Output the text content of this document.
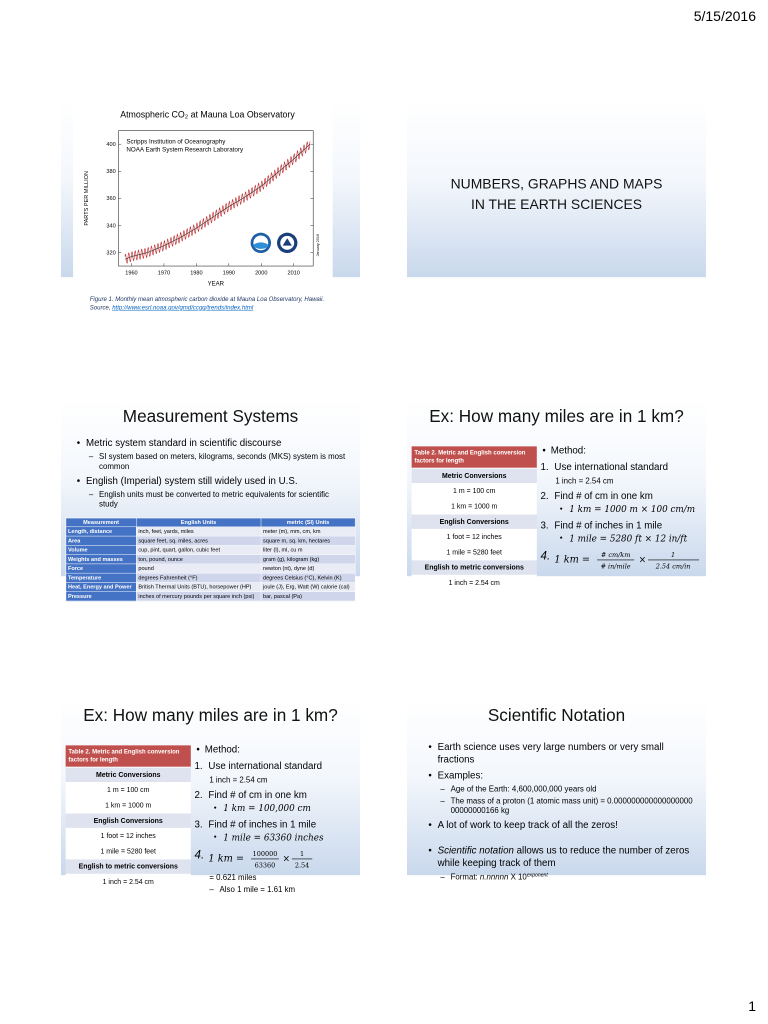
5/15/2016
Atmospheric CO₂ at Mauna Loa Observatory
Scripps Institution of Oceanography
NOAA Earth System Research Laboratory
1960 1970 1980 1990 2000 2010
320
340
360
380
400
YEAR
PARTS PER MILLION
January 2016
Figure 1. Monthly mean atmospheric carbon dioxide at Mauna Loa Observatory, Hawaii. Source, http://www.esrl.noaa.gov/gmd/ccgg/trends/index.html
NUMBERS, GRAPHS AND MAPS
IN THE EARTH SCIENCES
Measurement Systems
• Metric system standard in scientific discourse
– SI system based on meters, kilograms, seconds (MKS) system is most common
• English (Imperial) system still widely used in U.S.
– English units must be converted to metric equivalents for scientific study
Measurement	English Units	metric (SI) Units
Length, distance	inch, feet, yards, miles	meter (m), mm, cm, km
Area	square feet, sq. miles, acres	square m, sq. km, hectares
Volume	cup, pint, quart, gallon, cubic feet	liter (l), ml, cu m
Weights and masses	ton, pound, ounce	gram (g), kilogram (kg)
Force	pound	newton (nt), dyne (d)
Temperature	degrees Fahrenheit (°F)	degrees Celsius (°C), Kelvin (K)
Heat, Energy and Power	British Thermal Units (BTU), horsepower (HP)	joule (J), Erg, Watt (W) calorie (cal)
Pressure	inches of mercury pounds per square inch (psi)	bar, pascal (Pa)
Ex: How many miles are in 1 km?
Table 2. Metric and English conversion factors for length
Metric Conversions
1 m = 100 cm
1 km = 1000 m
English Conversions
1 foot = 12 inches
1 mile = 5280 feet
English to metric conversions
1 inch = 2.54 cm
• Method:
1. Use international standard
1 inch = 2.54 cm
2. Find # of cm in one km
• 1 km = 1000 m × 100 cm/m
3. Find # of inches in 1 mile
• 1 mile = 5280 ft × 12 in/ft
4. 1 km = # cm/km
# in/mile
×
1
2.54 cm/in
Ex: How many miles are in 1 km?
Table 2. Metric and English conversion factors for length
Metric Conversions
1 m = 100 cm
1 km = 1000 m
English Conversions
1 foot = 12 inches
1 mile = 5280 feet
English to metric conversions
1 inch = 2.54 cm
• Method:
1. Use international standard
1 inch = 2.54 cm
2. Find # of cm in one km
• 1 km = 100,000 cm
3. Find # of inches in 1 mile
• 1 mile = 63360 inches
4. 1 km = 100000
63360
×
1
2.54
= 0.621 miles
– Also 1 mile = 1.61 km
Scientific Notation
• Earth science uses very large numbers or very small fractions
• Examples:
– Age of the Earth: 4,600,000,000 years old
– The mass of a proton (1 atomic mass unit) = 0.00000000000000000000000000166 kg
• A lot of work to keep track of all the zeros!
• Scientific notation allows us to reduce the number of zeros while keeping track of them
– Format: n.nnnnn X $10^{exponent}$
1
